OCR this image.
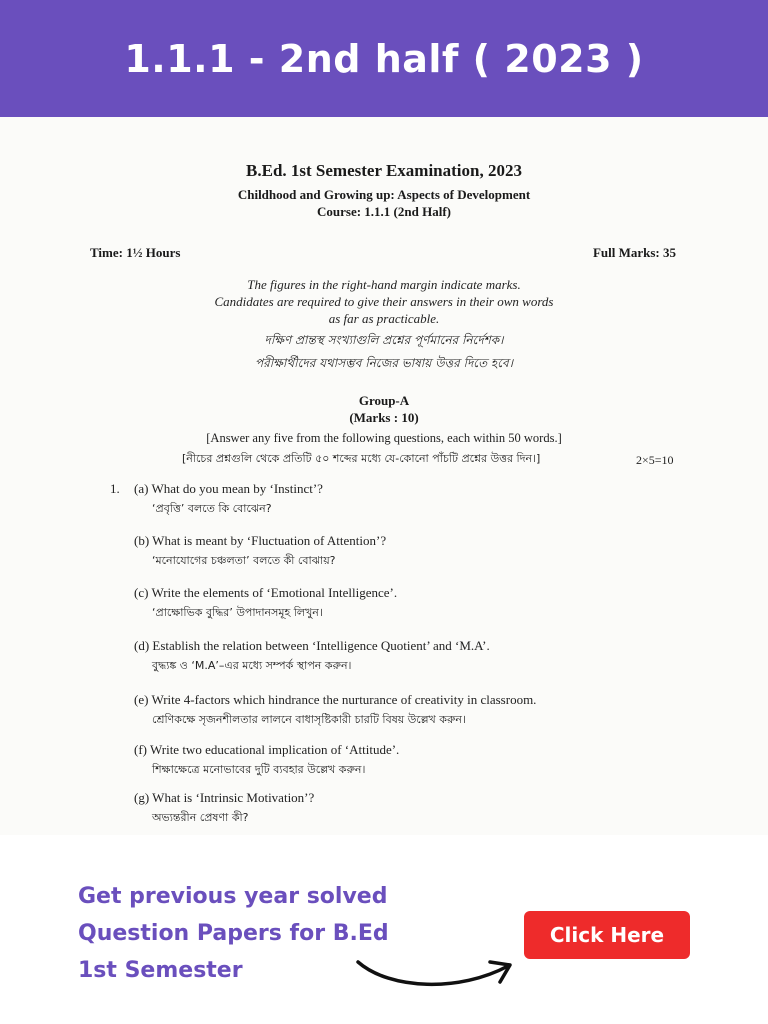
1.1.1 - 2nd half ( 2023 )
B.Ed. 1st Semester Examination, 2023
Childhood and Growing up: Aspects of Development
Course: 1.1.1 (2nd Half)
Time: 1½ Hours	Full Marks: 35
The figures in the right-hand margin indicate marks.
Candidates are required to give their answers in their own words
as far as practicable.
দক্ষিণ প্রান্তস্থ সংখ্যাগুলি প্রশ্নের পূর্ণমানের নির্দেশক।
পরীক্ষার্থীদের যথাসম্ভব নিজের ভাষায় উত্তর দিতে হবে।
Group-A
(Marks : 10)
[Answer any five from the following questions, each within 50 words.]
[নীচের প্রশ্নগুলি থেকে প্রতিটি ৫০ শব্দের মধ্যে যে-কোনো পাঁচটি প্রশ্নের উত্তর দিন।]	2×5=10
1. (a) What do you mean by ‘Instinct’?
‘প্রবৃত্তি’ বলতে কি বোঝেন?
(b) What is meant by ‘Fluctuation of Attention’?
‘মনোযোগের চঞ্চলতা’ বলতে কী বোঝায়?
(c) Write the elements of ‘Emotional Intelligence’.
‘প্রাক্ষোভিক বুদ্ধির’ উপাদানসমূহ লিখুন।
(d) Establish the relation between ‘Intelligence Quotient’ and ‘M.A’.
বুদ্ধ্যঙ্ক ও ‘M.A’–এর মধ্যে সম্পর্ক স্থাপন করুন।
(e) Write 4-factors which hindrance the nurturance of creativity in classroom.
শ্রেণিকক্ষে সৃজনশীলতার লালনে বাধাসৃষ্টিকারী চারটি বিষয় উল্লেখ করুন।
(f) Write two educational implication of ‘Attitude’.
শিক্ষাক্ষেত্রে মনোভাবের দুটি ব্যবহার উল্লেখ করুন।
(g) What is ‘Intrinsic Motivation’?
অভ্যন্তরীন প্রেষণা কী?
Get previous year solved
Question Papers for B.Ed
1st Semester
Click Here
